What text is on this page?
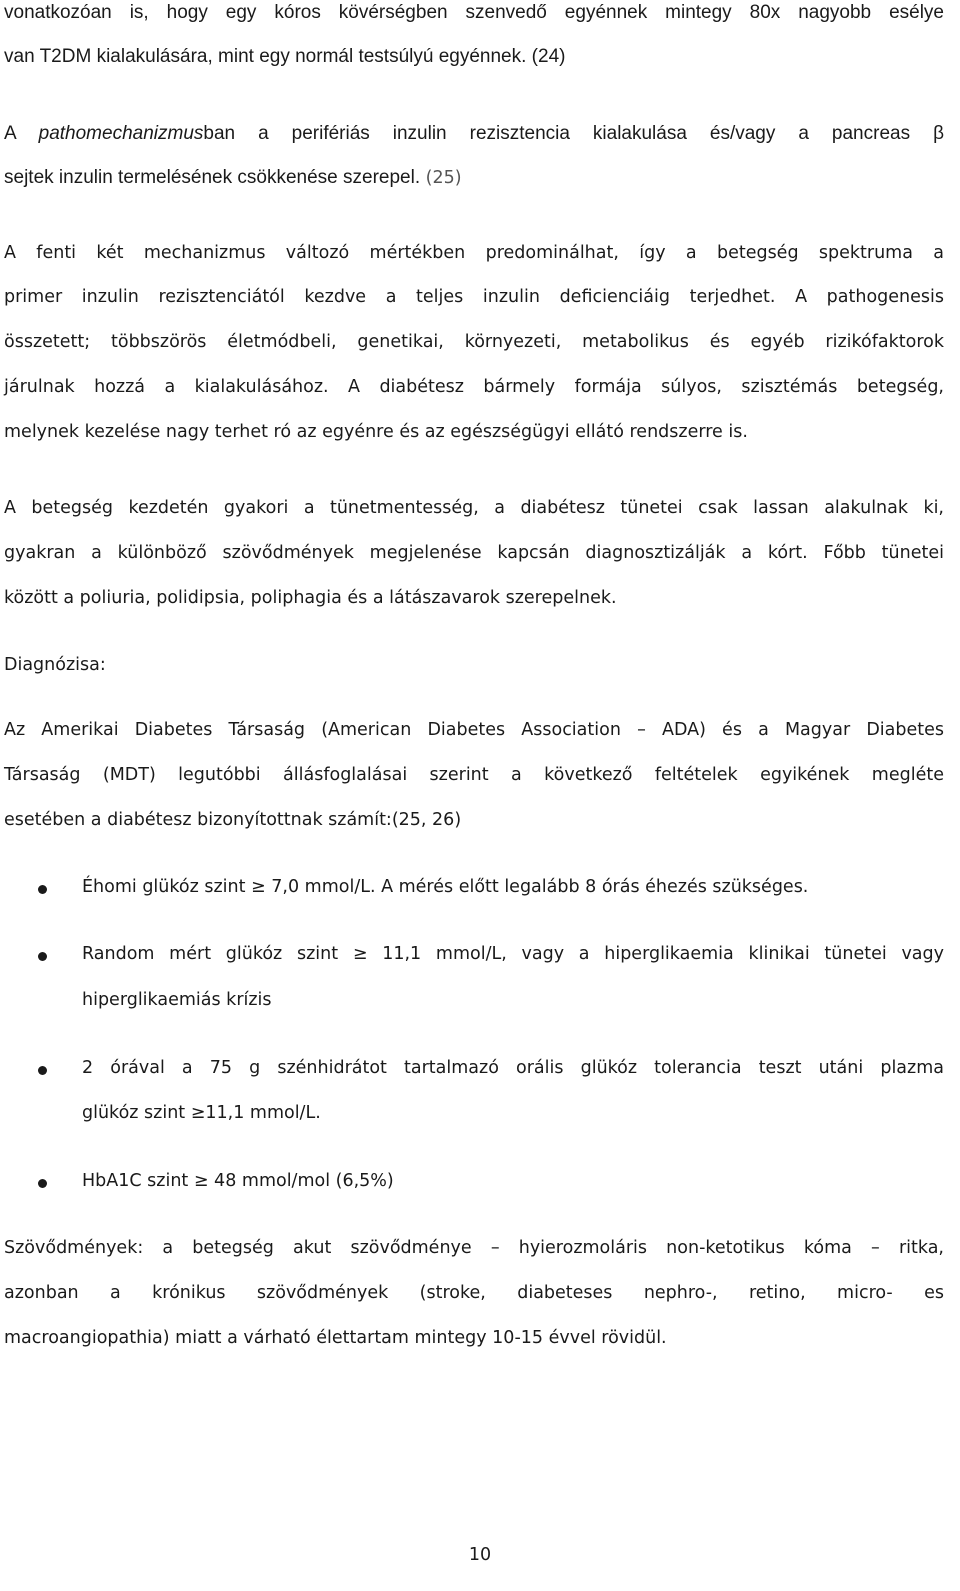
vonatkozóan is, hogy egy kóros kövérségben szenvedő egyénnek mintegy 80x nagyobb esélye

van T2DM kialakulására, mint egy normál testsúlyú egyénnek. (24)

A pathomechanizmusban a perifériás inzulin rezisztencia kialakulása és/vagy a pancreas β

sejtek inzulin termelésének csökkenése szerepel. (25)

A fenti két mechanizmus változó mértékben predominálhat, így a betegség spektruma a

primer inzulin rezisztenciától kezdve a teljes inzulin deficienciáig terjedhet. A pathogenesis

összetett; többszörös életmódbeli, genetikai, környezeti, metabolikus és egyéb rizikófaktorok

járulnak hozzá a kialakulásához. A diabétesz bármely formája súlyos, szisztémás betegség,

melynek kezelése nagy terhet ró az egyénre és az egészségügyi ellátó rendszerre is.

A betegség kezdetén gyakori a tünetmentesség, a diabétesz tünetei csak lassan alakulnak ki,

gyakran a különböző szövődmények megjelenése kapcsán diagnosztizálják a kórt. Főbb tünetei

között a poliuria, polidipsia, poliphagia és a látászavarok szerepelnek.

Diagnózisa:

Az Amerikai Diabetes Társaság (American Diabetes Association – ADA) és a Magyar Diabetes

Társaság (MDT) legutóbbi állásfoglalásai szerint a következő feltételek egyikének megléte

esetében a diabétesz bizonyítottnak számít:(25, 26)

Éhomi glükóz szint ≥ 7,0 mmol/L. A mérés előtt legalább 8 órás éhezés szükséges.

Random mért glükóz szint ≥ 11,1 mmol/L, vagy a hiperglikaemia klinikai tünetei vagy

hiperglikaemiás krízis

2 órával a 75 g szénhidrátot tartalmazó orális glükóz tolerancia teszt utáni plazma

glükóz szint ≥11,1 mmol/L.

HbA1C szint ≥ 48 mmol/mol (6,5%)

Szövődmények: a betegség akut szövődménye – hyierozmoláris non-ketotikus kóma – ritka,

azonban a krónikus szövődmények (stroke, diabeteses nephro-, retino, micro- es

macroangiopathia) miatt a várható élettartam mintegy 10-15 évvel rövidül.

10
